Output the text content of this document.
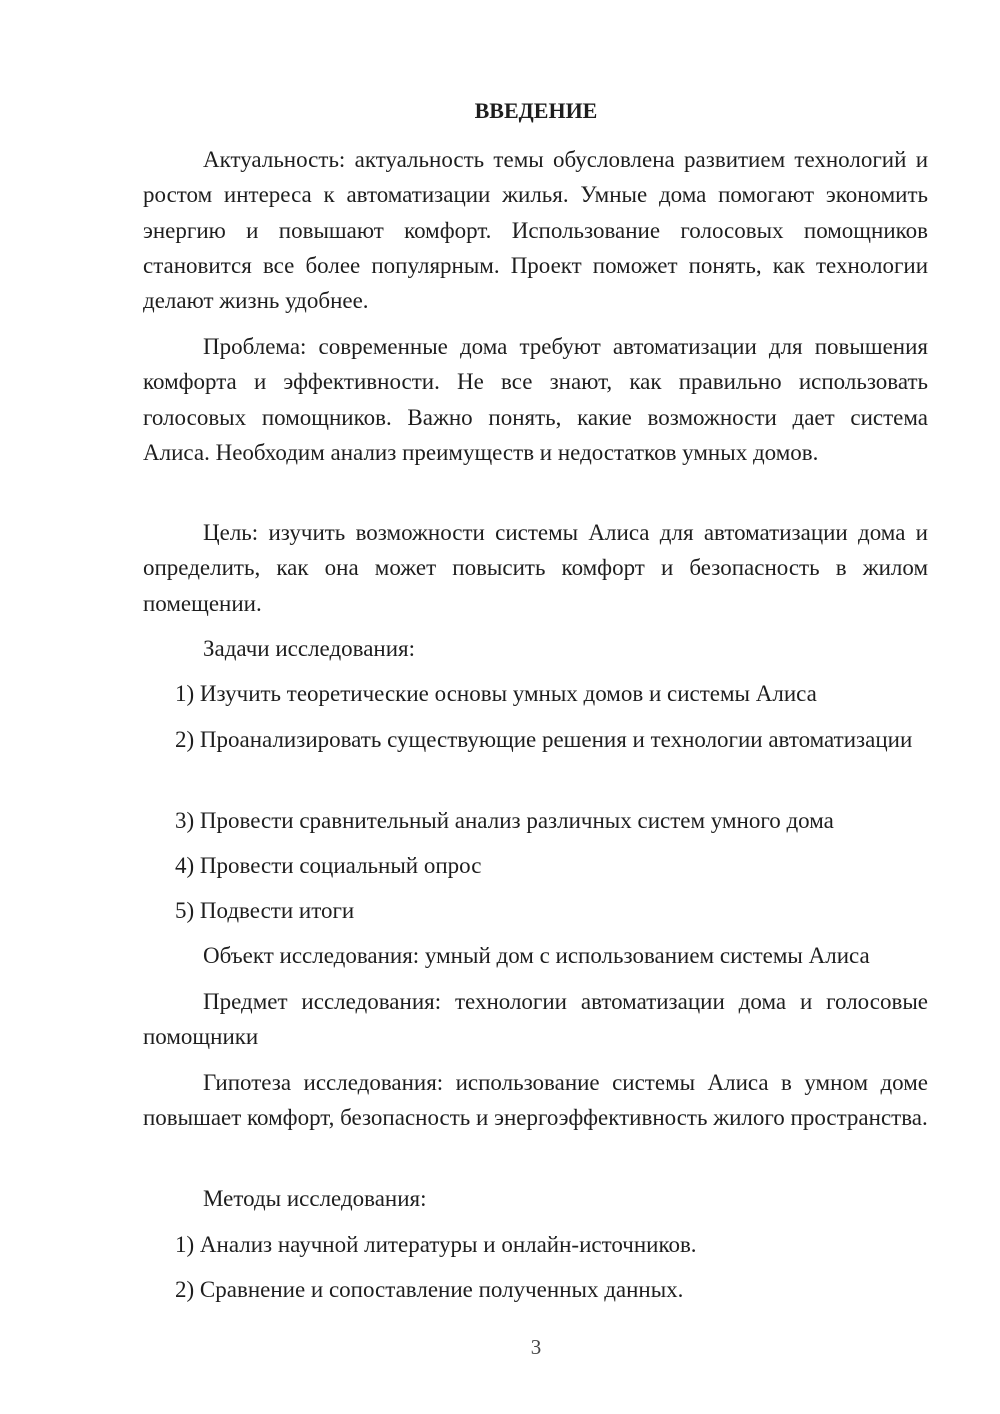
ВВЕДЕНИЕ
Актуальность: актуальность темы обусловлена развитием технологий и ростом интереса к автоматизации жилья. Умные дома помогают экономить энергию и повышают комфорт. Использование голосовых помощников становится все более популярным. Проект поможет понять, как технологии делают жизнь удобнее.
Проблема: современные дома требуют автоматизации для повышения комфорта и эффективности. Не все знают, как правильно использовать голосовых помощников. Важно понять, какие возможности дает система Алиса. Необходим анализ преимуществ и недостатков умных домов.
Цель: изучить возможности системы Алиса для автоматизации дома и определить, как она может повысить комфорт и безопасность в жилом помещении.
Задачи исследования:
1) Изучить теоретические основы умных домов и системы Алиса
2) Проанализировать существующие решения и технологии автоматизации
3) Провести сравнительный анализ различных систем умного дома
4) Провести социальный опрос
5) Подвести итоги
Объект исследования: умный дом с использованием системы Алиса
Предмет исследования: технологии автоматизации дома и голосовые помощники
Гипотеза исследования: использование системы Алиса в умном доме повышает комфорт, безопасность и энергоэффективность жилого пространства.
Методы исследования:
1) Анализ научной литературы и онлайн-источников.
2) Сравнение и сопоставление полученных данных.
3
